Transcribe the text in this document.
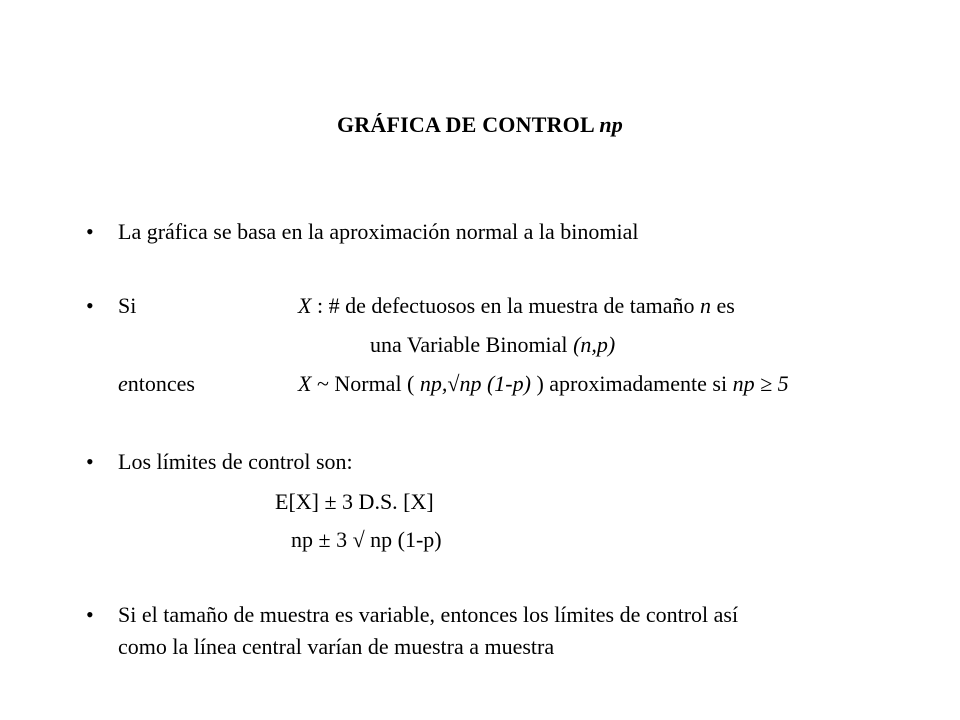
GRÁFICA DE CONTROL np
• La gráfica se basa en la aproximación normal a la binomial
• Si	X : # de defectuosos en la muestra de tamaño n es
una Variable Binomial (n,p)
entonces	X ~ Normal ( np,√np (1-p) ) aproximadamente si np ≥ 5
• Los límites de control son:
E[X] ± 3 D.S. [X]
np ± 3 √ np (1-p)
• Si el tamaño de muestra es variable, entonces los límites de control así
como la línea central varían de muestra a muestra
